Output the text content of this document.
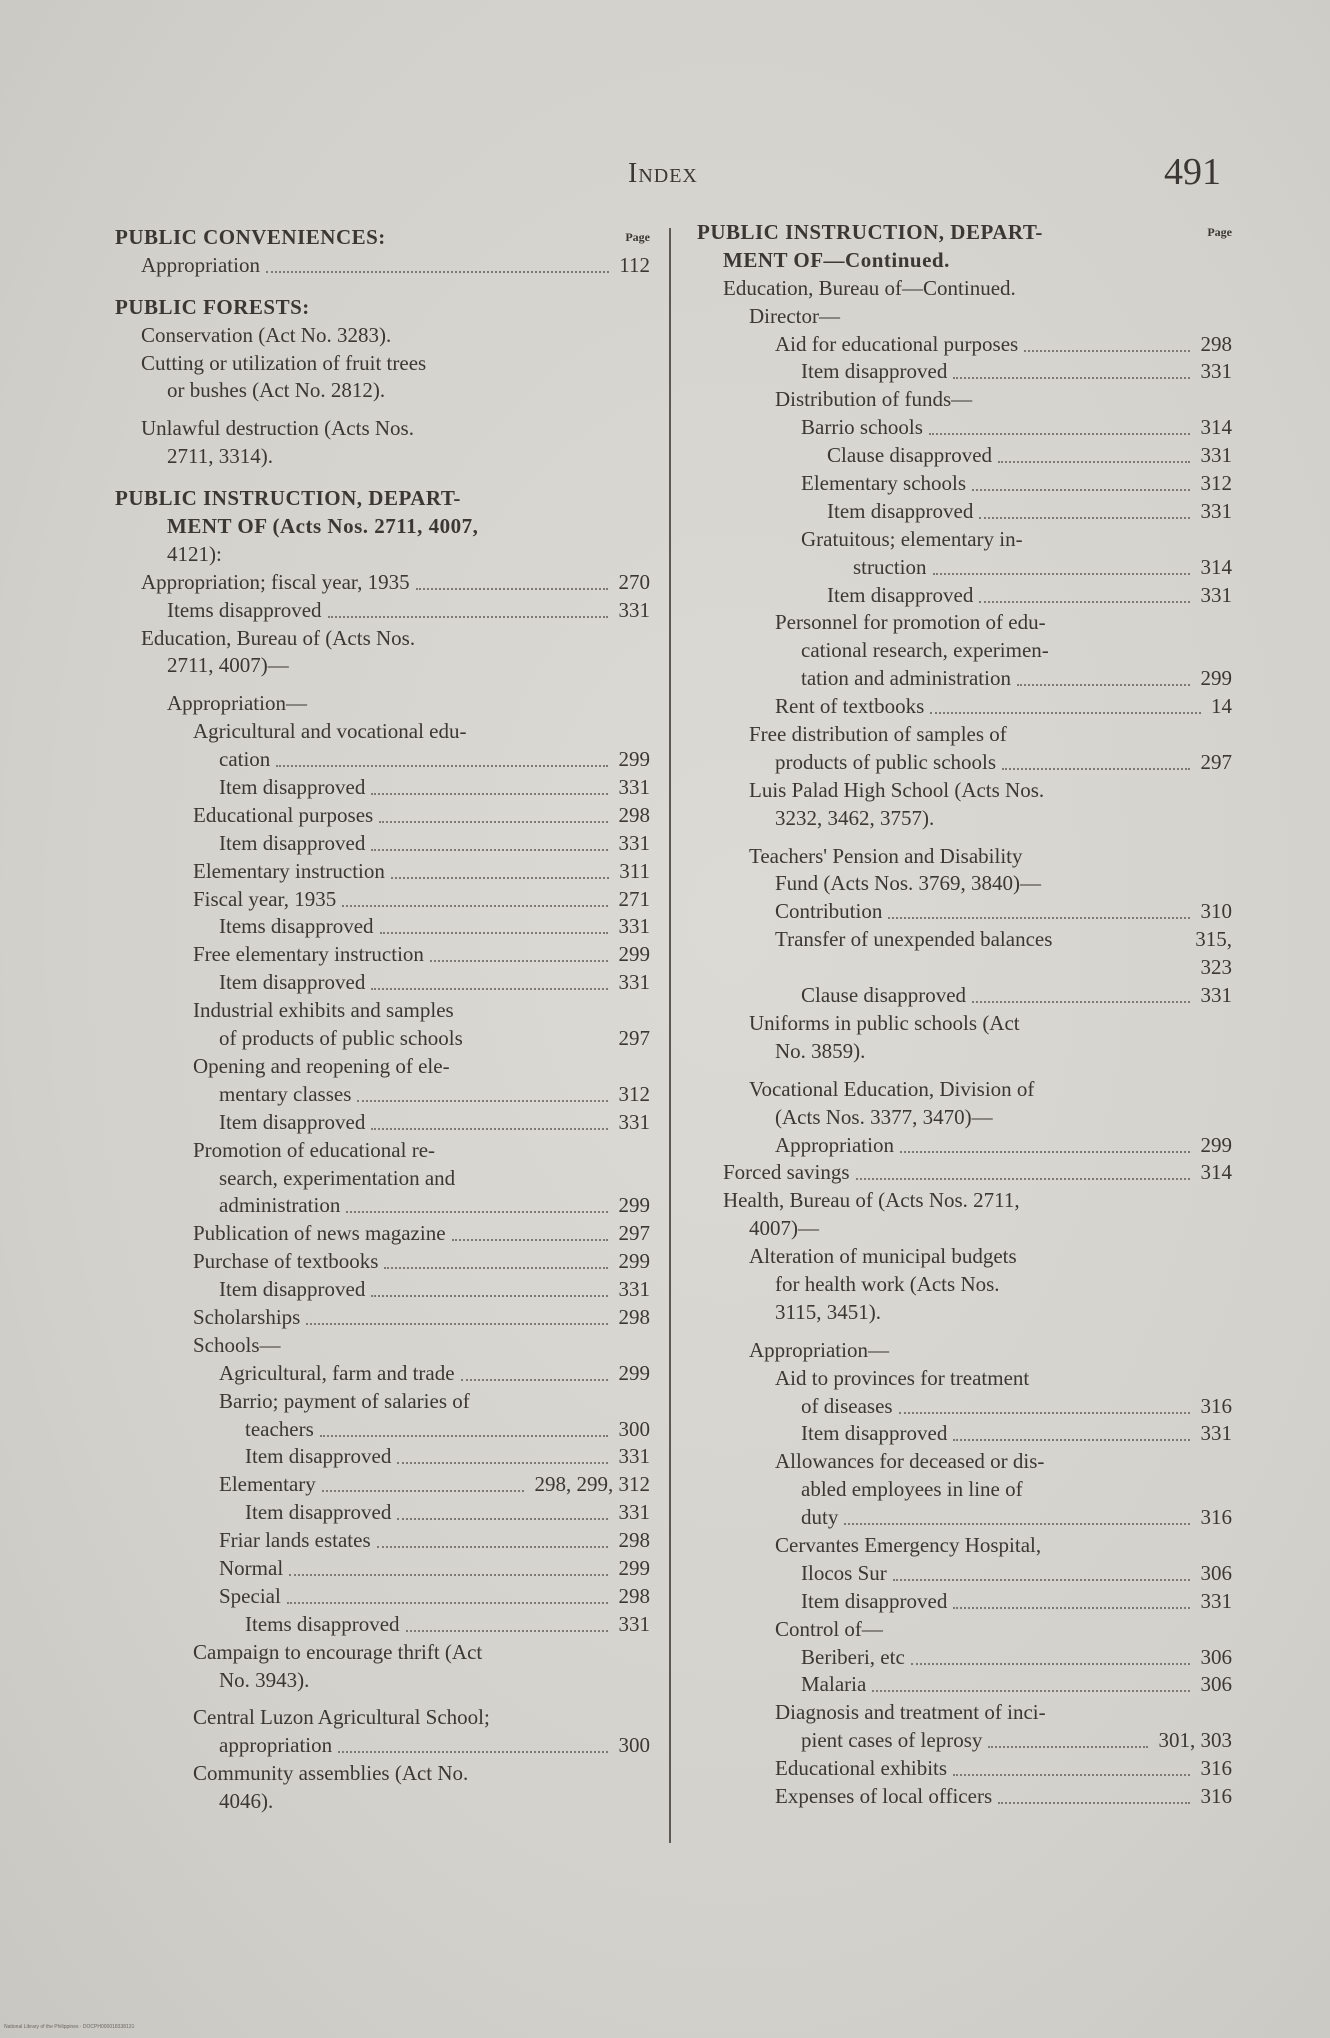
Index	491
PUBLIC CONVENIENCES:	Page
Appropriation	112
PUBLIC FORESTS:
Conservation (Act No. 3283).
Cutting or utilization of fruit trees
or bushes (Act No. 2812).
Unlawful destruction (Acts Nos.
2711, 3314).
PUBLIC INSTRUCTION, DEPART-
MENT OF (Acts Nos. 2711, 4007,
4121):
Appropriation; fiscal year, 1935	270
Items disapproved	331
Education, Bureau of (Acts Nos.
2711, 4007)—
Appropriation—
Agricultural and vocational edu-
cation	299
Item disapproved	331
Educational purposes	298
Item disapproved	331
Elementary instruction	311
Fiscal year, 1935	271
Items disapproved	331
Free elementary instruction	299
Item disapproved	331
Industrial exhibits and samples
of products of public schools	297
Opening and reopening of ele-
mentary classes	312
Item disapproved	331
Promotion of educational re-
search, experimentation and
administration	299
Publication of news magazine	297
Purchase of textbooks	299
Item disapproved	331
Scholarships	298
Schools—
Agricultural, farm and trade	299
Barrio; payment of salaries of
teachers	300
Item disapproved	331
Elementary	298, 299, 312
Item disapproved	331
Friar lands estates	298
Normal	299
Special	298
Items disapproved	331
Campaign to encourage thrift (Act
No. 3943).
Central Luzon Agricultural School;
appropriation	300
Community assemblies (Act No.
4046).
PUBLIC INSTRUCTION, DEPART-	Page
MENT OF—Continued.
Education, Bureau of—Continued.
Director—
Aid for educational purposes	298
Item disapproved	331
Distribution of funds—
Barrio schools	314
Clause disapproved	331
Elementary schools	312
Item disapproved	331
Gratuitous; elementary in-
struction	314
Item disapproved	331
Personnel for promotion of edu-
cational research, experimen-
tation and administration	299
Rent of textbooks	14
Free distribution of samples of
products of public schools	297
Luis Palad High School (Acts Nos.
3232, 3462, 3757).
Teachers' Pension and Disability
Fund (Acts Nos. 3769, 3840)—
Contribution	310
Transfer of unexpended balances	315,
323
Clause disapproved	331
Uniforms in public schools (Act
No. 3859).
Vocational Education, Division of
(Acts Nos. 3377, 3470)—
Appropriation	299
Forced savings	314
Health, Bureau of (Acts Nos. 2711,
4007)—
Alteration of municipal budgets
for health work (Acts Nos.
3115, 3451).
Appropriation—
Aid to provinces for treatment
of diseases	316
Item disapproved	331
Allowances for deceased or dis-
abled employees in line of
duty	316
Cervantes Emergency Hospital,
Ilocos Sur	306
Item disapproved	331
Control of—
Beriberi, etc	306
Malaria	306
Diagnosis and treatment of inci-
pient cases of leprosy	301, 303
Educational exhibits	316
Expenses of local officers	316
National Library of the Philippines · DOCPH000018338131
